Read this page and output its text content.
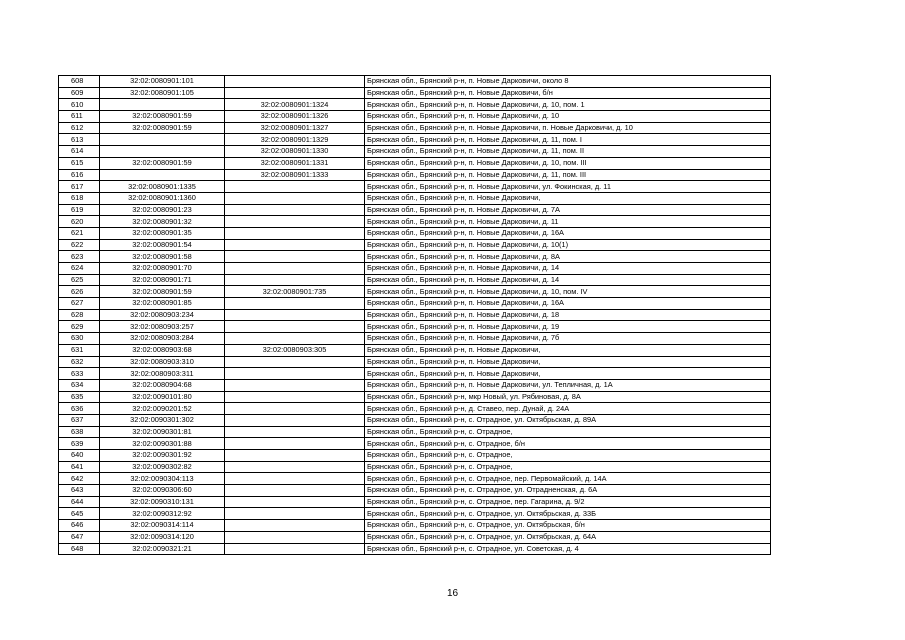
608	32:02:0080901:101		Брянская обл., Брянский р-н, п. Новые Дарковичи, около 8
609	32:02:0080901:105		Брянская обл., Брянский р-н, п. Новые Дарковичи, б/н
610		32:02:0080901:1324	Брянская обл., Брянский р-н, п. Новые Дарковичи, д. 10, пом. 1
611	32:02:0080901:59	32:02:0080901:1326	Брянская обл., Брянский р-н, п. Новые Дарковичи, д. 10
612	32:02:0080901:59	32:02:0080901:1327	Брянская обл., Брянский р-н, п. Новые Дарковичи, п. Новые Дарковичи, д. 10
613		32:02:0080901:1329	Брянская обл., Брянский р-н, п. Новые Дарковичи, д. 11, пом. I
614		32:02:0080901:1330	Брянская обл., Брянский р-н, п. Новые Дарковичи, д. 11, пом. II
615	32:02:0080901:59	32:02:0080901:1331	Брянская обл., Брянский р-н, п. Новые Дарковичи, д. 10, пом. III
616		32:02:0080901:1333	Брянская обл., Брянский р-н, п. Новые Дарковичи, д. 11, пом. III
617	32:02:0080901:1335		Брянская обл., Брянский р-н, п. Новые Дарковичи, ул. Фокинская, д. 11
618	32:02:0080901:1360		Брянская обл., Брянский р-н, п. Новые Дарковичи,
619	32:02:0080901:23		Брянская обл., Брянский р-н, п. Новые Дарковичи, д. 7А
620	32:02:0080901:32		Брянская обл., Брянский р-н, п. Новые Дарковичи, д. 11
621	32:02:0080901:35		Брянская обл., Брянский р-н, п. Новые Дарковичи, д. 16А
622	32:02:0080901:54		Брянская обл., Брянский р-н, п. Новые Дарковичи, д. 10(1)
623	32:02:0080901:58		Брянская обл., Брянский р-н, п. Новые Дарковичи, д. 8А
624	32:02:0080901:70		Брянская обл., Брянский р-н, п. Новые Дарковичи, д. 14
625	32:02:0080901:71		Брянская обл., Брянский р-н, п. Новые Дарковичи, д. 14
626	32:02:0080901:59	32:02:0080901:735	Брянская обл., Брянский р-н, п. Новые Дарковичи, д. 10, пом. IV
627	32:02:0080901:85		Брянская обл., Брянский р-н, п. Новые Дарковичи, д. 16А
628	32:02:0080903:234		Брянская обл., Брянский р-н, п. Новые Дарковичи, д. 18
629	32:02:0080903:257		Брянская обл., Брянский р-н, п. Новые Дарковичи, д. 19
630	32:02:0080903:284		Брянская обл., Брянский р-н, п. Новые Дарковичи, д. 7б
631	32:02:0080903:68	32:02:0080903:305	Брянская обл., Брянский р-н, п. Новые Дарковичи,
632	32:02:0080903:310		Брянская обл., Брянский р-н, п. Новые Дарковичи,
633	32:02:0080903:311		Брянская обл., Брянский р-н, п. Новые Дарковичи,
634	32:02:0080904:68		Брянская обл., Брянский р-н, п. Новые Дарковичи, ул. Тепличная, д. 1А
635	32:02:0090101:80		Брянская обл., Брянский р-н, мкр Новый, ул. Рябиновая, д. 8А
636	32:02:0090201:52		Брянская обл., Брянский р-н, д. Ставео, пер. Дунай, д. 24А
637	32:02:0090301:302		Брянская обл., Брянский р-н, с. Отрадное, ул. Октябрьская, д. 89А
638	32:02:0090301:81		Брянская обл., Брянский р-н, с. Отрадное,
639	32:02:0090301:88		Брянская обл., Брянский р-н, с. Отрадное, б/н
640	32:02:0090301:92		Брянская обл., Брянский р-н, с. Отрадное,
641	32:02:0090302:82		Брянская обл., Брянский р-н, с. Отрадное,
642	32:02:0090304:113		Брянская обл., Брянский р-н, с. Отрадное, пер. Первомайский, д. 14А
643	32:02:0090306:60		Брянская обл., Брянский р-н, с. Отрадное, ул. Отрадненская, д. 6А
644	32:02:0090310:131		Брянская обл., Брянский р-н, с. Отрадное, пер. Гагарина, д. 9/2
645	32:02:0090312:92		Брянская обл., Брянский р-н, с. Отрадное, ул. Октябрьская, д. 33Б
646	32:02:0090314:114		Брянская обл., Брянский р-н, с. Отрадное, ул. Октябрьская, б/н
647	32:02:0090314:120		Брянская обл., Брянский р-н, с. Отрадное, ул. Октябрьская, д. 64А
648	32:02:0090321:21		Брянская обл., Брянский р-н, с. Отрадное, ул. Советская, д. 4
16
